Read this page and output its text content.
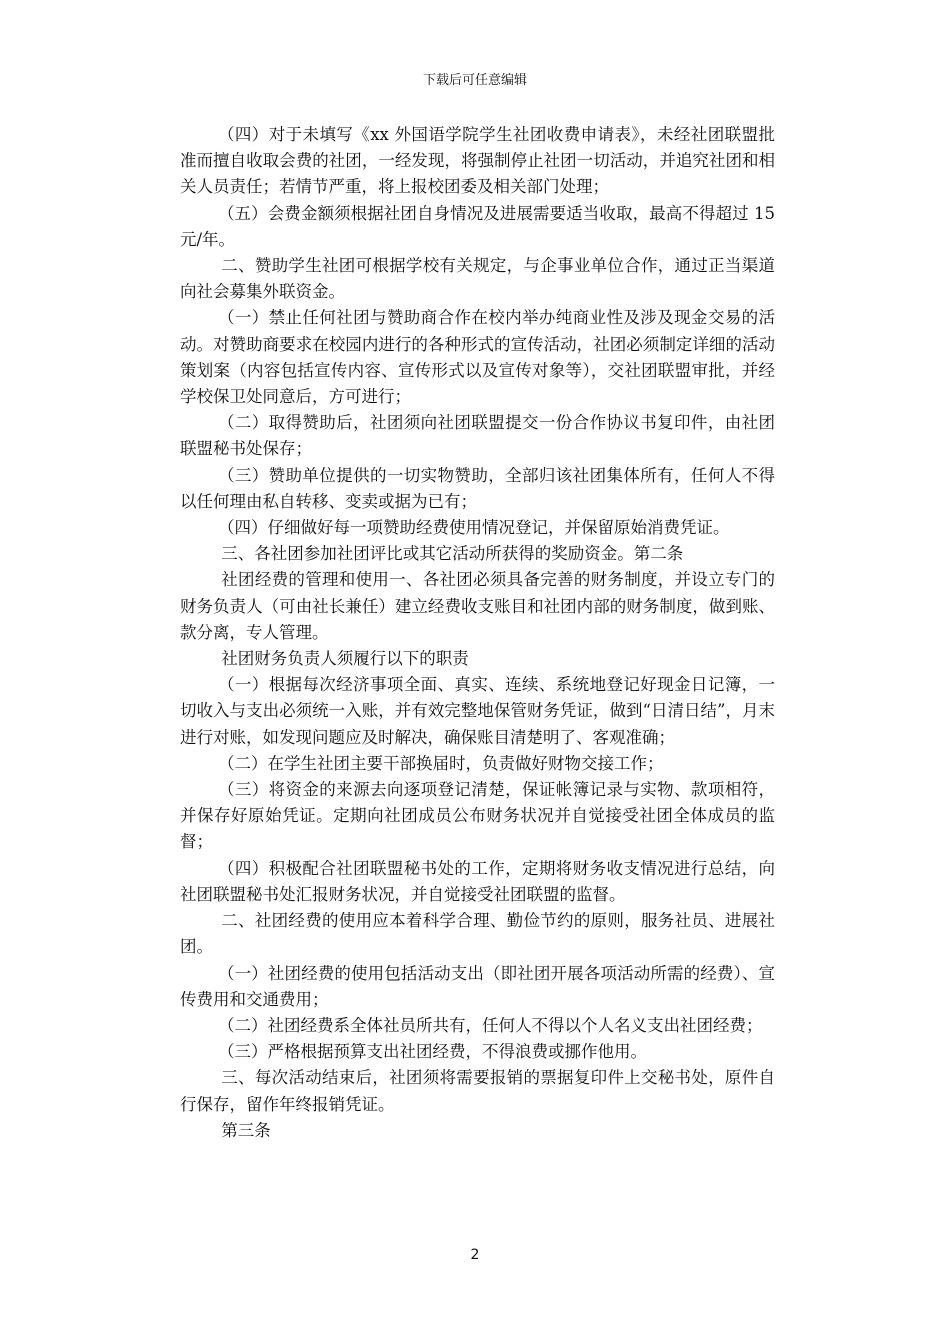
下载后可任意编辑

（四）对于未填写《xx 外国语学院学生社团收费申请表》，未经社团联盟批准而擅自收取会费的社团，一经发现，将强制停止社团一切活动，并追究社团和相关人员责任；若情节严重，将上报校团委及相关部门处理；

（五）会费金额须根据社团自身情况及进展需要适当收取，最高不得超过 15 元/年。

二、赞助学生社团可根据学校有关规定，与企事业单位合作，通过正当渠道向社会募集外联资金。

（一）禁止任何社团与赞助商合作在校内举办纯商业性及涉及现金交易的活动。对赞助商要求在校园内进行的各种形式的宣传活动，社团必须制定详细的活动策划案（内容包括宣传内容、宣传形式以及宣传对象等），交社团联盟审批，并经学校保卫处同意后，方可进行；

（二）取得赞助后，社团须向社团联盟提交一份合作协议书复印件，由社团联盟秘书处保存；

（三）赞助单位提供的一切实物赞助，全部归该社团集体所有，任何人不得以任何理由私自转移、变卖或据为已有；

（四）仔细做好每一项赞助经费使用情况登记，并保留原始消费凭证。

三、各社团参加社团评比或其它活动所获得的奖励资金。第二条

社团经费的管理和使用一、各社团必须具备完善的财务制度，并设立专门的财务负责人（可由社长兼任）建立经费收支账目和社团内部的财务制度，做到账、款分离，专人管理。

社团财务负责人须履行以下的职责

（一）根据每次经济事项全面、真实、连续、系统地登记好现金日记簿，一切收入与支出必须统一入账，并有效完整地保管财务凭证，做到“日清日结”，月末进行对账，如发现问题应及时解决，确保账目清楚明了、客观准确；

（二）在学生社团主要干部换届时，负责做好财物交接工作；

（三）将资金的来源去向逐项登记清楚，保证帐簿记录与实物、款项相符，并保存好原始凭证。定期向社团成员公布财务状况并自觉接受社团全体成员的监督；

（四）积极配合社团联盟秘书处的工作，定期将财务收支情况进行总结，向社团联盟秘书处汇报财务状况，并自觉接受社团联盟的监督。

二、社团经费的使用应本着科学合理、勤俭节约的原则，服务社员、进展社团。

（一）社团经费的使用包括活动支出（即社团开展各项活动所需的经费）、宣传费用和交通费用；

（二）社团经费系全体社员所共有，任何人不得以个人名义支出社团经费；

（三）严格根据预算支出社团经费，不得浪费或挪作他用。

三、每次活动结束后，社团须将需要报销的票据复印件上交秘书处，原件自行保存，留作年终报销凭证。

第三条

2
